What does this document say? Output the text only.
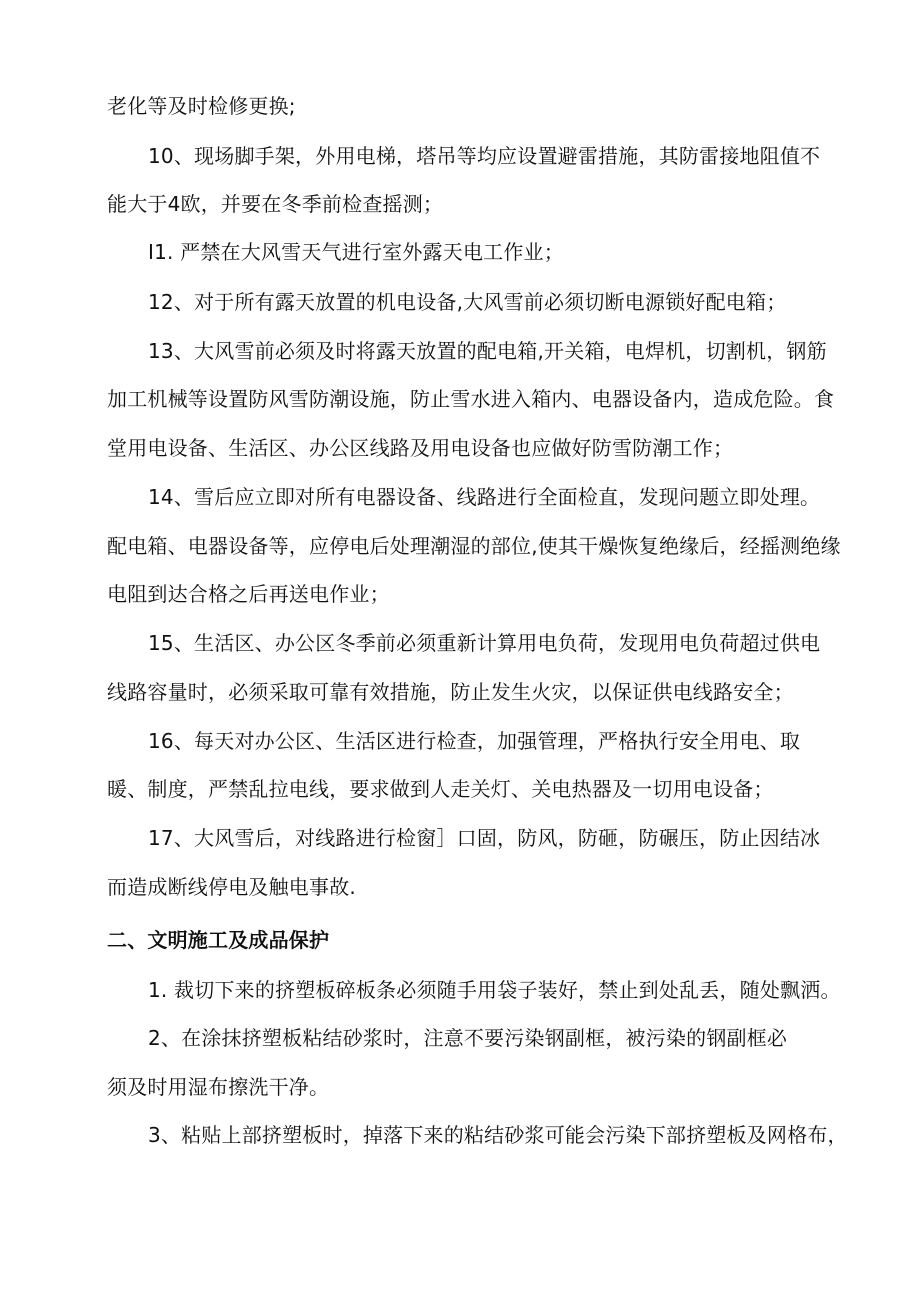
老化等及时检修更换;
10、现场脚手架，外用电梯，塔吊等均应设置避雷措施，其防雷接地阻值不
能大于4欧，并要在冬季前检查摇测；
I1. 严禁在大风雪天气进行室外露天电工作业；
12、对于所有露天放置的机电设备,大风雪前必须切断电源锁好配电箱；
13、大风雪前必须及时将露天放置的配电箱,开关箱，电焊机，切割机，钢筋
加工机械等设置防风雪防潮设施，防止雪水进入箱内、电器设备内，造成危险。食
堂用电设备、生活区、办公区线路及用电设备也应做好防雪防潮工作；
14、雪后应立即对所有电器设备、线路进行全面检直，发现问题立即处理。
配电箱、电器设备等，应停电后处理潮湿的部位,使其干燥恢复绝缘后，经摇测绝缘
电阻到达合格之后再送电作业；
15、生活区、办公区冬季前必须重新计算用电负荷，发现用电负荷超过供电
线路容量时，必须采取可靠有效措施，防止发生火灾，以保证供电线路安全；
16、每天对办公区、生活区进行检查，加强管理，严格执行安全用电、取
暖、制度，严禁乱拉电线，要求做到人走关灯、关电热器及一切用电设备；
17、大风雪后，对线路进行检窗］口固，防风，防砸，防碾压，防止因结冰
而造成断线停电及触电事故.
二、文明施工及成品保护
1. 裁切下来的挤塑板碎板条必须随手用袋子装好，禁止到处乱丢，随处飘洒。
2、在涂抹挤塑板粘结砂浆时，注意不要污染钢副框，被污染的钢副框必
须及时用湿布擦洗干净。
3、粘贴上部挤塑板时，掉落下来的粘结砂浆可能会污染下部挤塑板及网格布，
